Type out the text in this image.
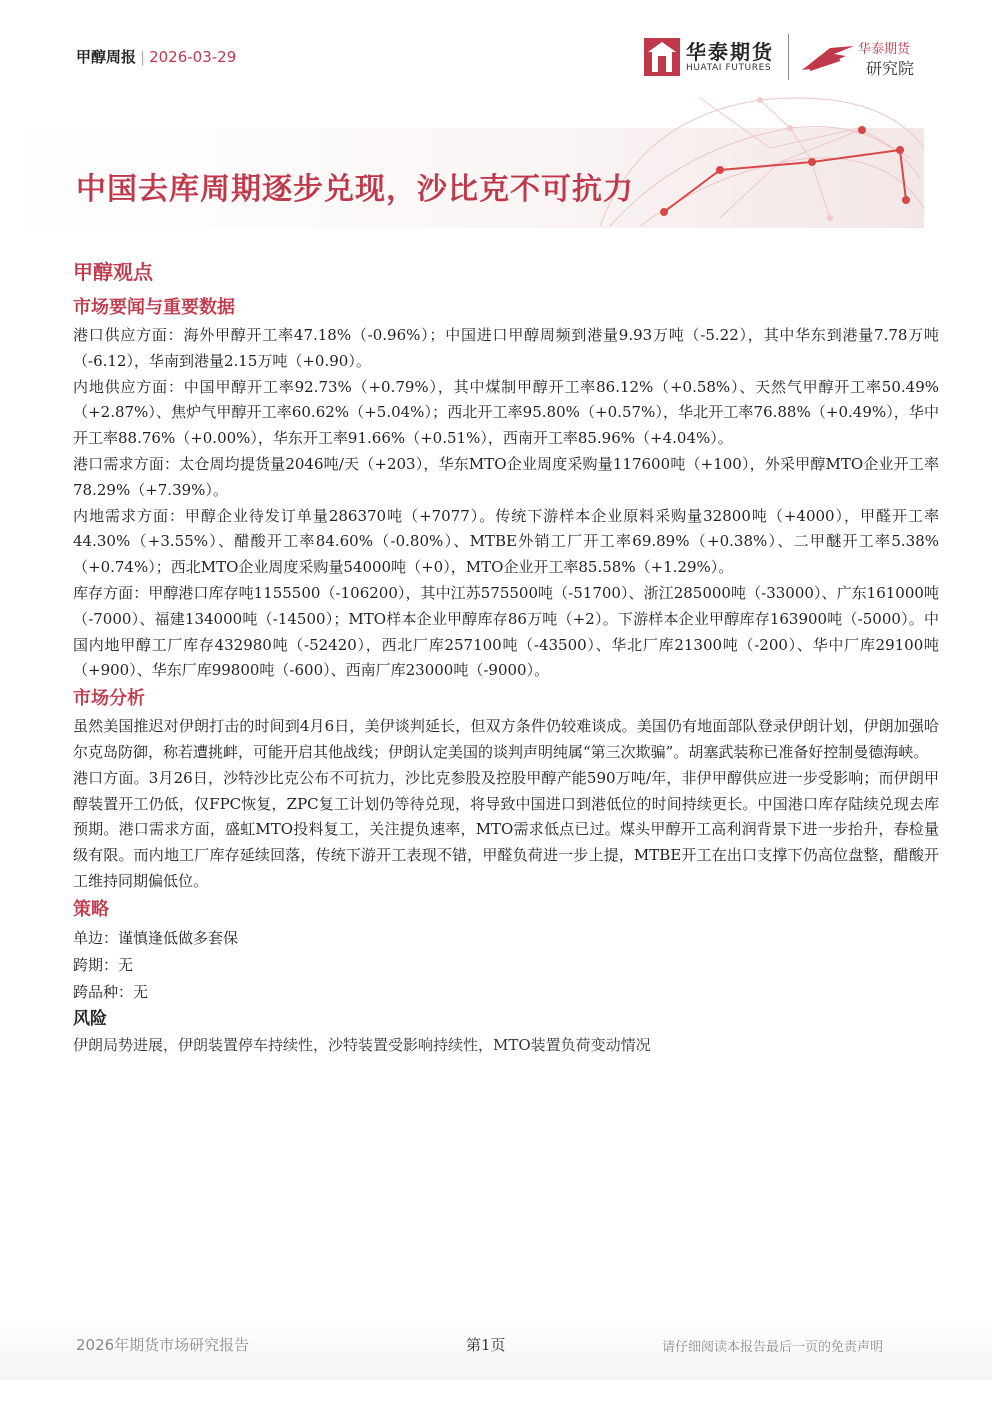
甲醇周报 | 2026-03-29	华泰期货
HUATAI FUTURES
华泰期货
研究院
中国去库周期逐步兑现，沙比克不可抗力
甲醇观点
市场要闻与重要数据

港口供应方面：海外甲醇开工率47.18%（-0.96%）；中国进口甲醇周频到港量9.93万吨（-5.22），其中华东到港量7.78万吨（-6.12），华南到港量2.15万吨（+0.90）。

内地供应方面：中国甲醇开工率92.73%（+0.79%），其中煤制甲醇开工率86.12%（+0.58%）、天然气甲醇开工率50.49%（+2.87%）、焦炉气甲醇开工率60.62%（+5.04%）；西北开工率95.80%（+0.57%），华北开工率76.88%（+0.49%），华中开工率88.76%（+0.00%），华东开工率91.66%（+0.51%），西南开工率85.96%（+4.04%）。

港口需求方面：太仓周均提货量2046吨/天（+203），华东MTO企业周度采购量117600吨（+100），外采甲醇MTO企业开工率78.29%（+7.39%）。

内地需求方面：甲醇企业待发订单量286370吨（+7077）。传统下游样本企业原料采购量32800吨（+4000），甲醛开工率44.30%（+3.55%）、醋酸开工率84.60%（-0.80%）、MTBE外销工厂开工率69.89%（+0.38%）、二甲醚开工率5.38%（+0.74%）；西北MTO企业周度采购量54000吨（+0），MTO企业开工率85.58%（+1.29%）。

库存方面：甲醇港口库存吨1155500（-106200），其中江苏575500吨（-51700）、浙江285000吨（-33000）、广东161000吨（-7000）、福建134000吨（-14500）；MTO样本企业甲醇库存86万吨（+2）。下游样本企业甲醇库存163900吨（-5000）。中国内地甲醇工厂库存432980吨（-52420），西北厂库257100吨（-43500）、华北厂库21300吨（-200）、华中厂库29100吨（+900）、华东厂库99800吨（-600）、西南厂库23000吨（-9000）。

市场分析

虽然美国推迟对伊朗打击的时间到4月6日，美伊谈判延长，但双方条件仍较难谈成。美国仍有地面部队登录伊朗计划，伊朗加强哈尔克岛防御，称若遭挑衅，可能开启其他战线；伊朗认定美国的谈判声明纯属“第三次欺骗”。胡塞武装称已准备好控制曼德海峡。

港口方面。3月26日，沙特沙比克公布不可抗力，沙比克参股及控股甲醇产能590万吨/年，非伊甲醇供应进一步受影响；而伊朗甲醇装置开工仍低，仅FPC恢复，ZPC复工计划仍等待兑现，将导致中国进口到港低位的时间持续更长。中国港口库存陆续兑现去库预期。港口需求方面，盛虹MTO投料复工，关注提负速率，MTO需求低点已过。煤头甲醇开工高利润背景下进一步抬升，春检量级有限。而内地工厂库存延续回落，传统下游开工表现不错，甲醛负荷进一步上提，MTBE开工在出口支撑下仍高位盘整，醋酸开工维持同期偏低位。

策略

单边：谨慎逢低做多套保

跨期：无

跨品种：无

风险
伊朗局势进展，伊朗装置停车持续性，沙特装置受影响持续性，MTO装置负荷变动情况
2026年期货市场研究报告	第1页	请仔细阅读本报告最后一页的免责声明
